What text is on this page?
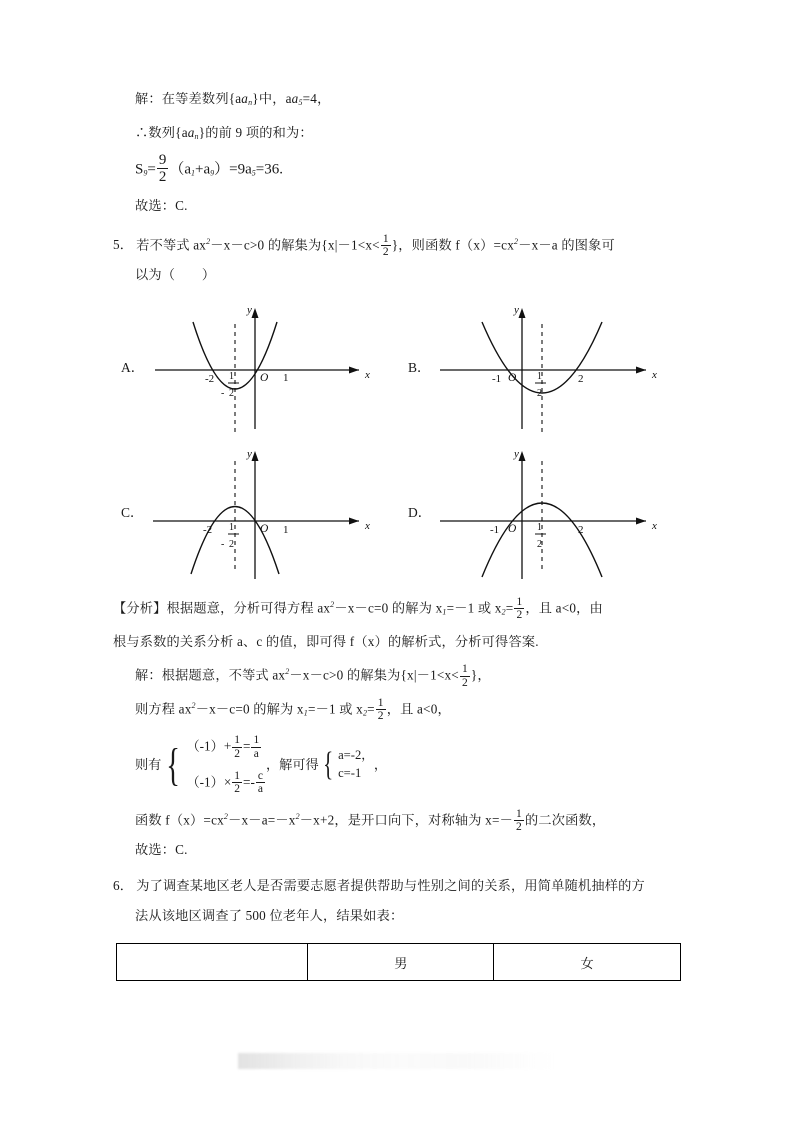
解：在等差数列$\{aa_n\}$中，$aa_5=4$，
∴数列$\{aa_n\}$的前 9 项的和为：
$S_9= \frac{9}{2} (a_1+a_9)=9a_5=36$.
故选：C.
5． 若不等式 $ax^2-x-c>0$ 的解集为{$x|-1<x< \frac{1}{2}$ }，则函数 $f(x)=cx^2-x-a$ 的图象可
以为（　　）
A．	x
y
-2	O 1
-
1
2
B．	x
y
-1 O	2
1
2
C．
x
y
-2	O 1
-
1
2
D．
x
y
-1 O	2
1
2
【分析】根据题意，分析可得方程 $ax^2-x-c=0$ 的解为 $x_1=-1$ 或 $x_2= \frac{1}{2}$ ，且 a<0，由
根与系数的关系分析 a、c 的值，即可得 f（x）的解析式，分析可得答案.
解：根据题意，不等式 $ax^2-x-c>0$ 的解集为{$x|-1<x< \frac{1}{2}$ }，
则方程 $ax^2-x-c=0$ 的解为 $x_1=-1$ 或 $x_2= \frac{1}{2}$ ，且 a<0，
则有 { $(-1)+ \frac{1}{2} = \frac{1}{a}$
$(-1)\times \frac{1}{2} =- \frac{c}{a}$
，解可得 { a=-2，
c=-1
，
函数 $f(x)=cx^2-x-a=-x^2-x+2$，是开口向下，对称轴为 $x=- \frac{1}{2}$ 的二次函数，
故选：C.
6． 为了调查某地区老人是否需要志愿者提供帮助与性别之间的关系，用简单随机抽样的方
法从该地区调查了 500 位老年人，结果如表：
	男	女
